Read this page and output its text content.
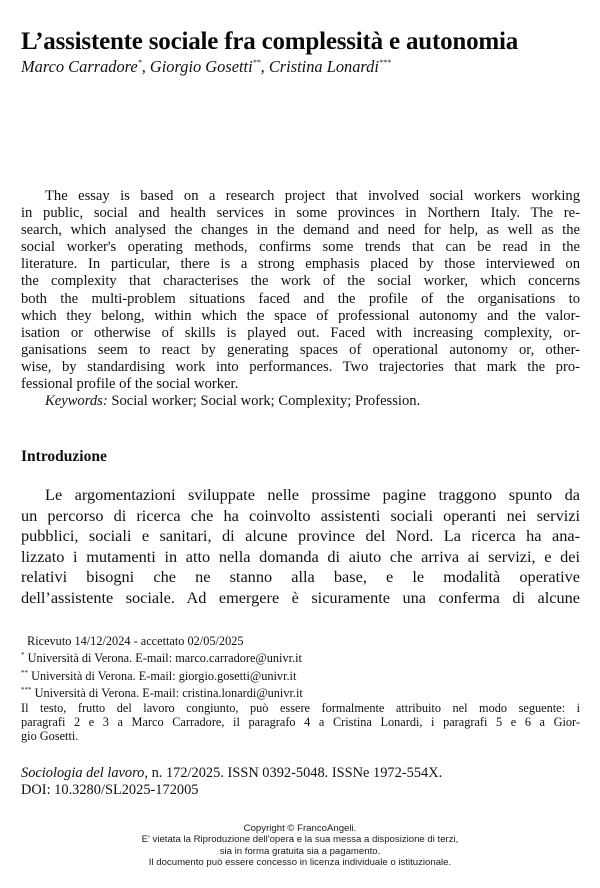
L’assistente sociale fra complessità e autonomia
Marco Carradore*, Giorgio Gosetti**, Cristina Lonardi***

The essay is based on a research project that involved social workers working

in public, social and health services in some provinces in Northern Italy. The re-
search, which analysed the changes in the demand and need for help, as well as the
social worker's operating methods, confirms some trends that can be read in the
literature. In particular, there is a strong emphasis placed by those interviewed on
the complexity that characterises the work of the social worker, which concerns
both the multi-problem situations faced and the profile of the organisations to
which they belong, within which the space of professional autonomy and the valor-
isation or otherwise of skills is played out. Faced with increasing complexity, or-
ganisations seem to react by generating spaces of operational autonomy or, other-
wise, by standardising work into performances. Two trajectories that mark the pro-
fessional profile of the social worker.
Keywords: Social worker; Social work; Complexity; Profession.
Introduzione
Le argomentazioni sviluppate nelle prossime pagine traggono spunto da
un percorso di ricerca che ha coinvolto assistenti sociali operanti nei servizi
pubblici, sociali e sanitari, di alcune province del Nord. La ricerca ha ana-
lizzato i mutamenti in atto nella domanda di aiuto che arriva ai servizi, e dei
relativi bisogni che ne stanno alla base, e le modalità operative
dell’assistente sociale. Ad emergere è sicuramente una conferma di alcune
Ricevuto 14/12/2024 - accettato 02/05/2025
* Università di Verona. E-mail: marco.carradore@univr.it
** Università di Verona. E-mail: giorgio.gosetti@univr.it
*** Università di Verona. E-mail: cristina.lonardi@univr.it
Il testo, frutto del lavoro congiunto, può essere formalmente attribuito nel modo seguente: i
paragrafi 2 e 3 a Marco Carradore, il paragrafo 4 a Cristina Lonardi, i paragrafi 5 e 6 a Gior-
gio Gosetti.
Sociologia del lavoro, n. 172/2025. ISSN 0392-5048. ISSNe 1972-554X.
DOI: 10.3280/SL2025-172005
Copyright © FrancoAngeli.
E' vietata la Riproduzione dell'opera e la sua messa a disposizione di terzi,
sia in forma gratuita sia a pagamento.
Il documento può essere concesso in licenza individuale o istituzionale.
